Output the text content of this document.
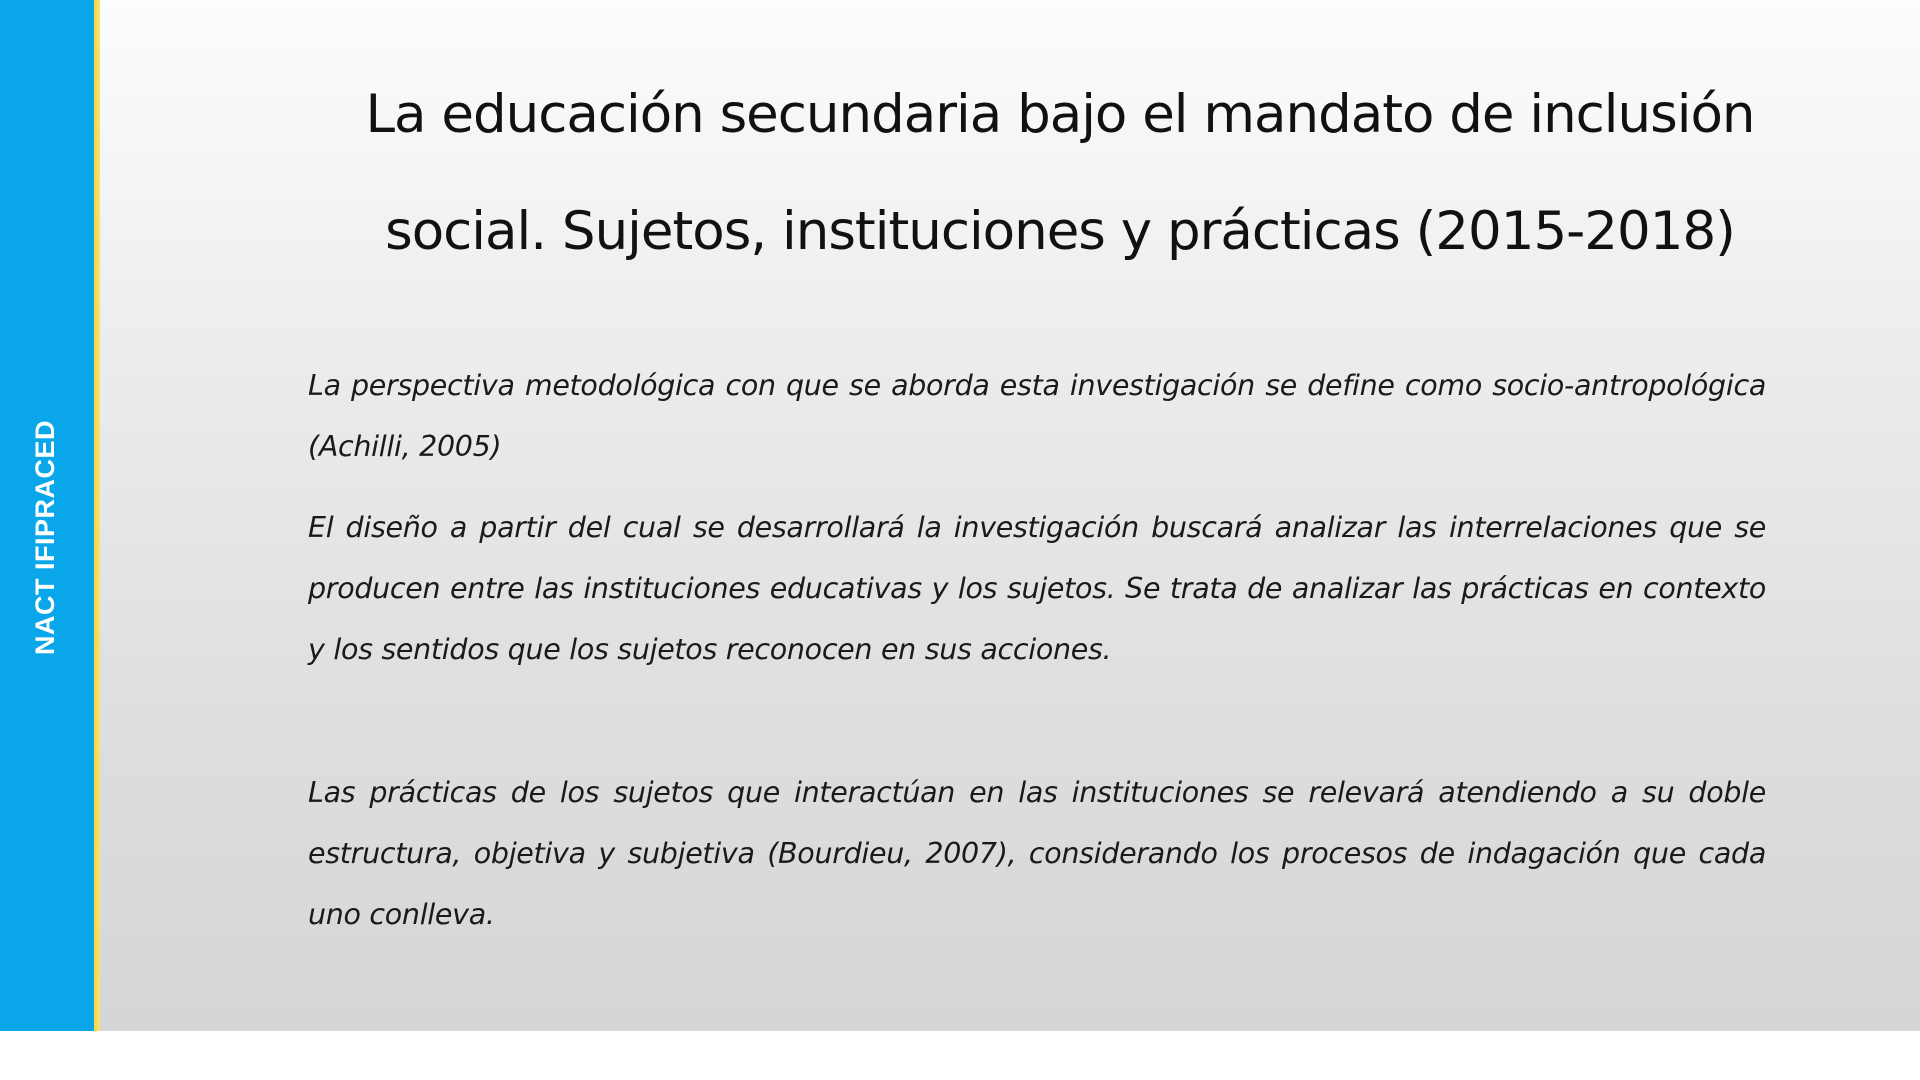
NACT IFIPRACED
La educación secundaria bajo el mandato de inclusión social. Sujetos, instituciones y prácticas (2015-2018)

La perspectiva metodológica con que se aborda esta investigación se define como socio-antropológica (Achilli, 2005)

El diseño a partir del cual se desarrollará la investigación buscará analizar las interrelaciones que se producen entre las instituciones educativas y los sujetos. Se trata de analizar las prácticas en contexto y los sentidos que los sujetos reconocen en sus acciones.

Las prácticas de los sujetos que interactúan en las instituciones se relevará atendiendo a su doble estructura, objetiva y subjetiva (Bourdieu, 2007), considerando los procesos de indagación que cada uno conlleva.
